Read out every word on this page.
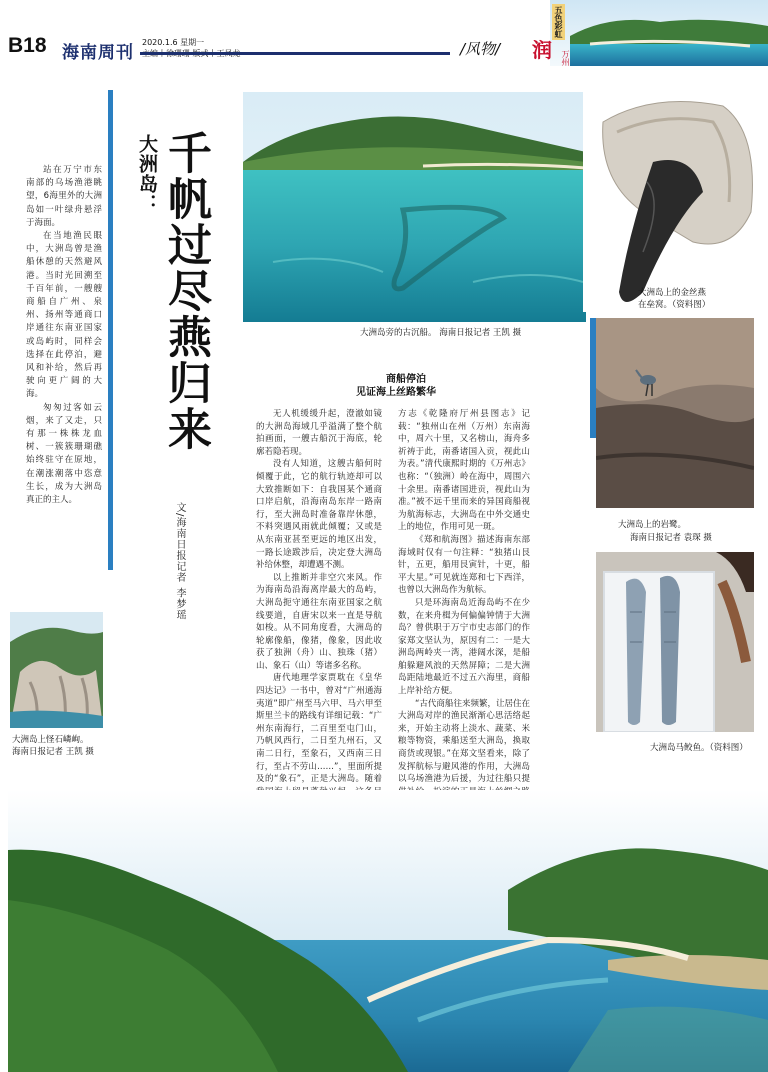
五色彩虹
B18 海南周刊
2020.1.6 星期一	/风物/ 润 万州
千帆过尽燕归来
大洲岛：
文/海南日报记者 李梦瑶

站在万宁市东南部的乌场渔港眺望，6海里外的大洲岛如一叶绿舟悬浮于海面。

在当地渔民眼中，大洲岛曾是渔船休憩的天然避风港。当时光回溯至千百年前，一艘艘商船自广州、泉州、扬州等通商口岸通往东南亚国家或岛屿时，同样会选择在此停泊，避风和补给，然后再驶向更广阔的大海。

匆匆过客如云烟，来了又走，只有那一株株龙血树、一簇簇珊瑚礁始终驻守在原地，在潮涨潮落中恣意生长，成为大洲岛真正的主人。

大洲岛旁的古沉船。 海南日报记者 王凯 摄
商船停泊
见证海上丝路繁华

无人机缓缓升起，澄澈如镜的大洲岛海域几乎溢满了整个航拍画面，一艘古船沉于海底，轮廓若隐若现。

没有人知道，这艘古船何时倾覆于此，它的航行轨迹却可以大致推断如下：自我国某个通商口岸启航，沿海南岛东岸一路南行，至大洲岛时准备靠岸休憩，不料突遇风雨就此倾覆；又或是从东南亚甚至更远的地区出发，一路长途跋涉后，决定登大洲岛补给休整，却遭遇不测。

以上推断并非空穴来风。作为海南岛沿海离岸最大的岛屿，大洲岛扼守通往东南亚国家之航线要道，自唐宋以来一直是导航如梭。从不同角度看，大洲岛的轮廓像船，像猪，像象，因此收获了独洲（舟）山、独珠（猪）山、象石（山）等诸多名称。

唐代地理学家贾耽在《皇华四达记》一书中，曾对“广州通海夷道”即广州至马六甲、马六甲至斯里兰卡的路线有详细记载：“广州东南海行，二百里至屯门山，乃帆风西行，二日至九州石，又南二日行，至象石，又西南三日行，至占不劳山……”，里面所提及的“象石”，正是大洲岛。随着

方志《乾隆府厅州县图志》记载：“独州山在州（万州）东南海中，周六十里，又名榜山，海舟多祈祷于此，南番诸国入贡，视此山为表。”清代康熙时期的《万州志》也称：“（独洲）岭在海中，周围六十余里。南番诸国进贡，视此山为准。”被不远千里而来的异国商船视为航海标志，大洲岛在中外交通史上的地位，作用可见一斑。

《郑和航海图》描述海南东部海域时仅有一句注释：“独猪山艮针，五更，船用艮寅针，十更，船平大星。”可见就连郑和七下西洋，也曾以大洲岛作为航标。

只是环海南岛近海岛屿不在少数，在来舟楫为何偏偏钟情于大洲岛？曾供职于万宁市史志部门的作家郑文坚认为，原因有二：一是大洲岛两岭夹一湾，港阔水深，是船舶躲避风浪的天然屏障；二是大洲岛距陆地最近不过五六海里，商船上岸补给方便。

“古代商船往来频繁，让居住在大洲岛对岸的渔民渐渐心思活络起来，开始主动将上淡水、蔬菜、米粮等物资，乘船送至大洲岛，换取商货或现银。”在郑文坚看来，除了发挥航标与避风港的作用，大洲岛以乌场渔港为后援，为过往船只提

大洲岛上的金丝燕
在垒窝。（资料图）
大洲岛上的岩鹭。
海南日报记者 袁琛 摄
大洲岛马鲛鱼。（资料图）
大洲岛上怪石嶙峋。
海南日报记者 王凯 摄
